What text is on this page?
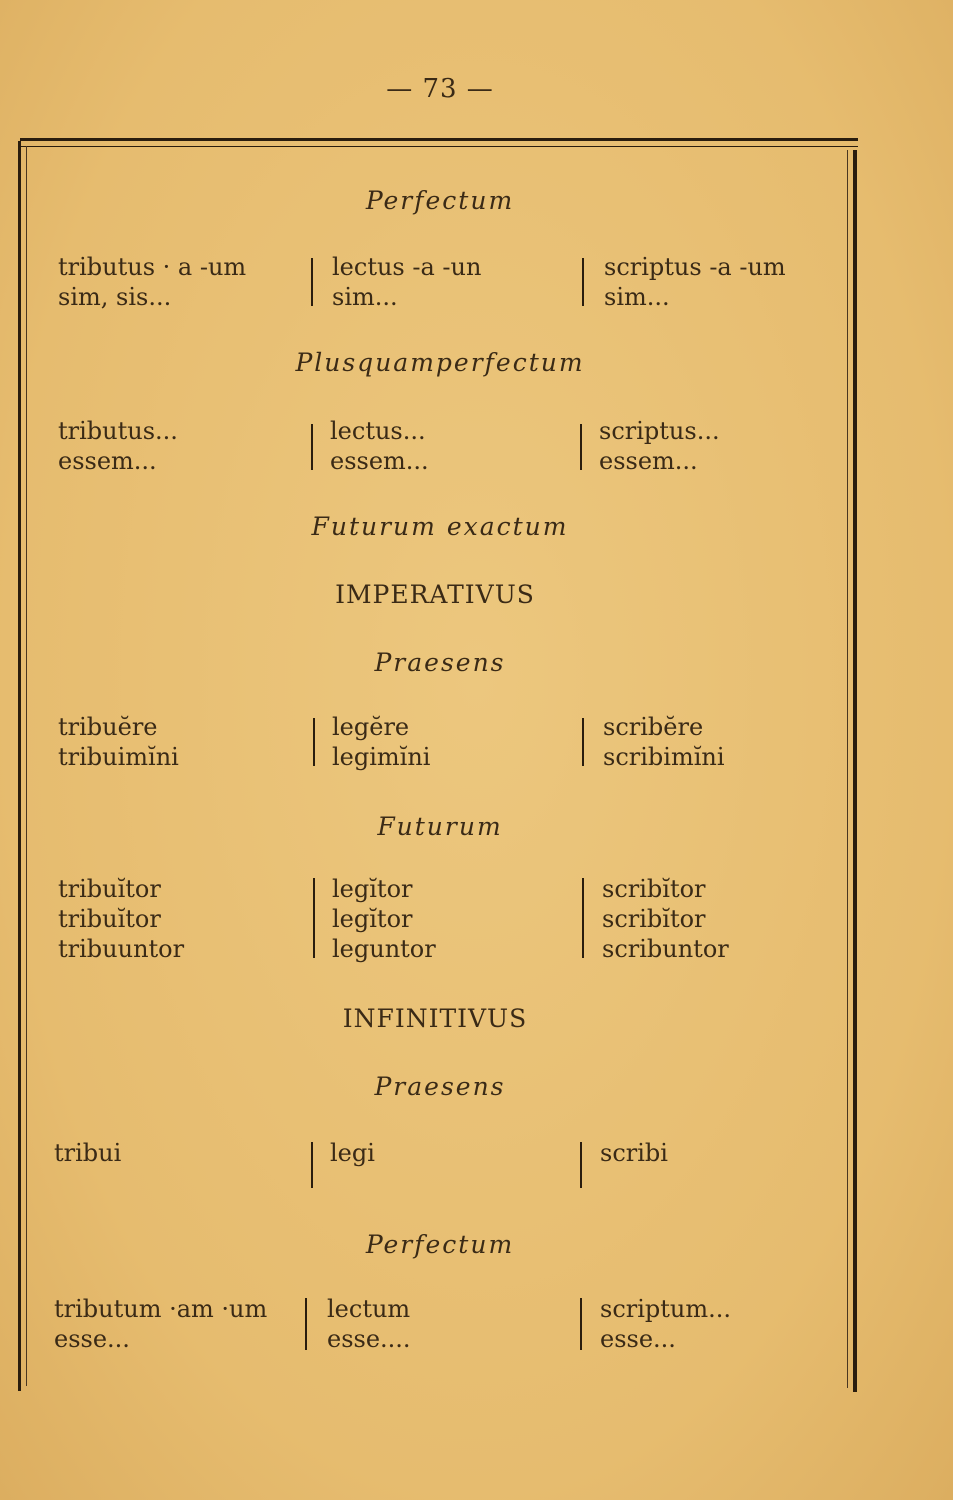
— 73 —
Perfectum
tributus · a -um
sim, sis...
lectus -a -un
sim...
scriptus -a -um
sim...
Plusquamperfectum
tributus...
essem...
lectus...
essem...
scriptus...
essem...
Futurum exactum
IMPERATIVUS
Praesens
tribuĕre
tribuimĭni
legĕre
legimĭni
scribĕre
scribimĭni
Futurum
tribuĭtor
tribuĭtor
tribuuntor
legĭtor
legĭtor
leguntor
scribĭtor
scribĭtor
scribuntor
INFINITIVUS
Praesens
tribui	legi	scribi
Perfectum
tributum ·am ·um
esse...
lectum
esse....
scriptum...
esse...
